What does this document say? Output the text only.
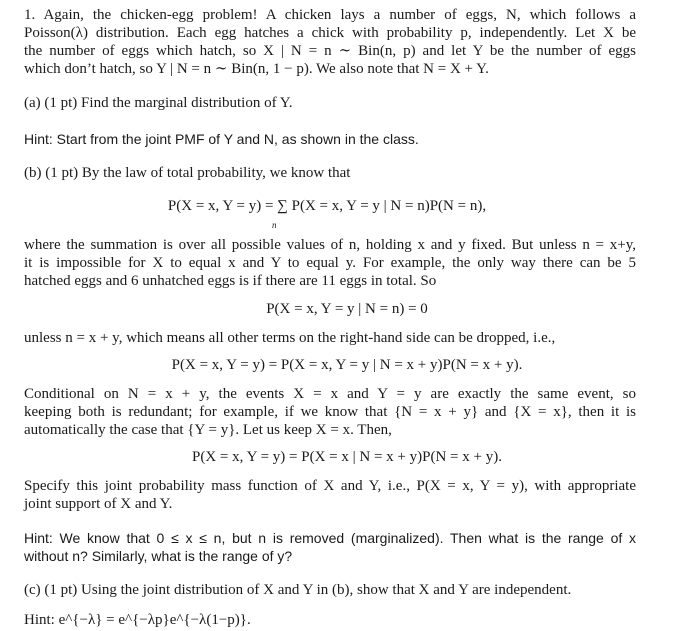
1. Again, the chicken-egg problem! A chicken lays a number of eggs, N, which follows a
Poisson(λ) distribution. Each egg hatches a chick with probability p, independently. Let X be
the number of eggs which hatch, so X | N = n ∼ Bin(n, p) and let Y be the number of eggs
which don’t hatch, so Y | N = n ∼ Bin(n, 1 − p). We also note that N = X + Y.
(a) (1 pt) Find the marginal distribution of Y.
Hint: Start from the joint PMF of Y and N, as shown in the class.
(b) (1 pt) By the law of total probability, we know that
P(X = x, Y = y) = ∑ P(X = x, Y = y | N = n)P(N = n),
n
where the summation is over all possible values of n, holding x and y fixed. But unless n = x+y,
it is impossible for X to equal x and Y to equal y. For example, the only way there can be 5
hatched eggs and 6 unhatched eggs is if there are 11 eggs in total. So
P(X = x, Y = y | N = n) = 0
unless n = x + y, which means all other terms on the right-hand side can be dropped, i.e.,
P(X = x, Y = y) = P(X = x, Y = y | N = x + y)P(N = x + y).
Conditional on N = x + y, the events X = x and Y = y are exactly the same event, so
keeping both is redundant; for example, if we know that {N = x + y} and {X = x}, then it is
automatically the case that {Y = y}. Let us keep X = x. Then,
P(X = x, Y = y) = P(X = x | N = x + y)P(N = x + y).
Specify this joint probability mass function of X and Y, i.e., P(X = x, Y = y), with appropriate
joint support of X and Y.
Hint: We know that 0 ≤ x ≤ n, but n is removed (marginalized). Then what is the range of x
without n? Similarly, what is the range of y?
(c) (1 pt) Using the joint distribution of X and Y in (b), show that X and Y are independent.
Hint: e^{−λ} = e^{−λp}e^{−λ(1−p)}.
